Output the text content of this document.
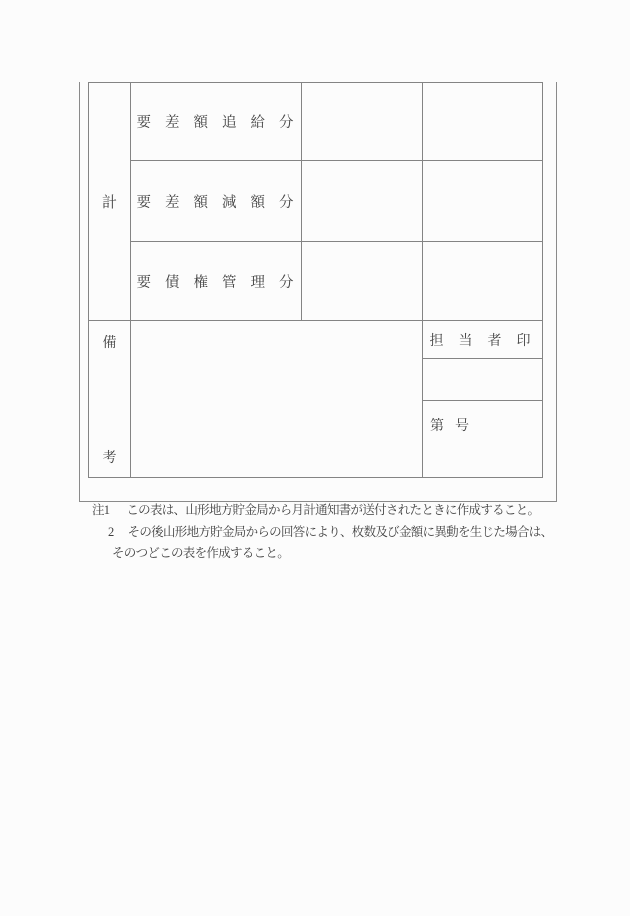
計
要差額追給分
要差額減額分
要債権管理分
備
考
担当者印
第号
注1 この表は、山形地方貯金局から月計通知書が送付されたときに作成すること。
2 その後山形地方貯金局からの回答により、枚数及び金額に異動を生じた場合は、
そのつどこの表を作成すること。
